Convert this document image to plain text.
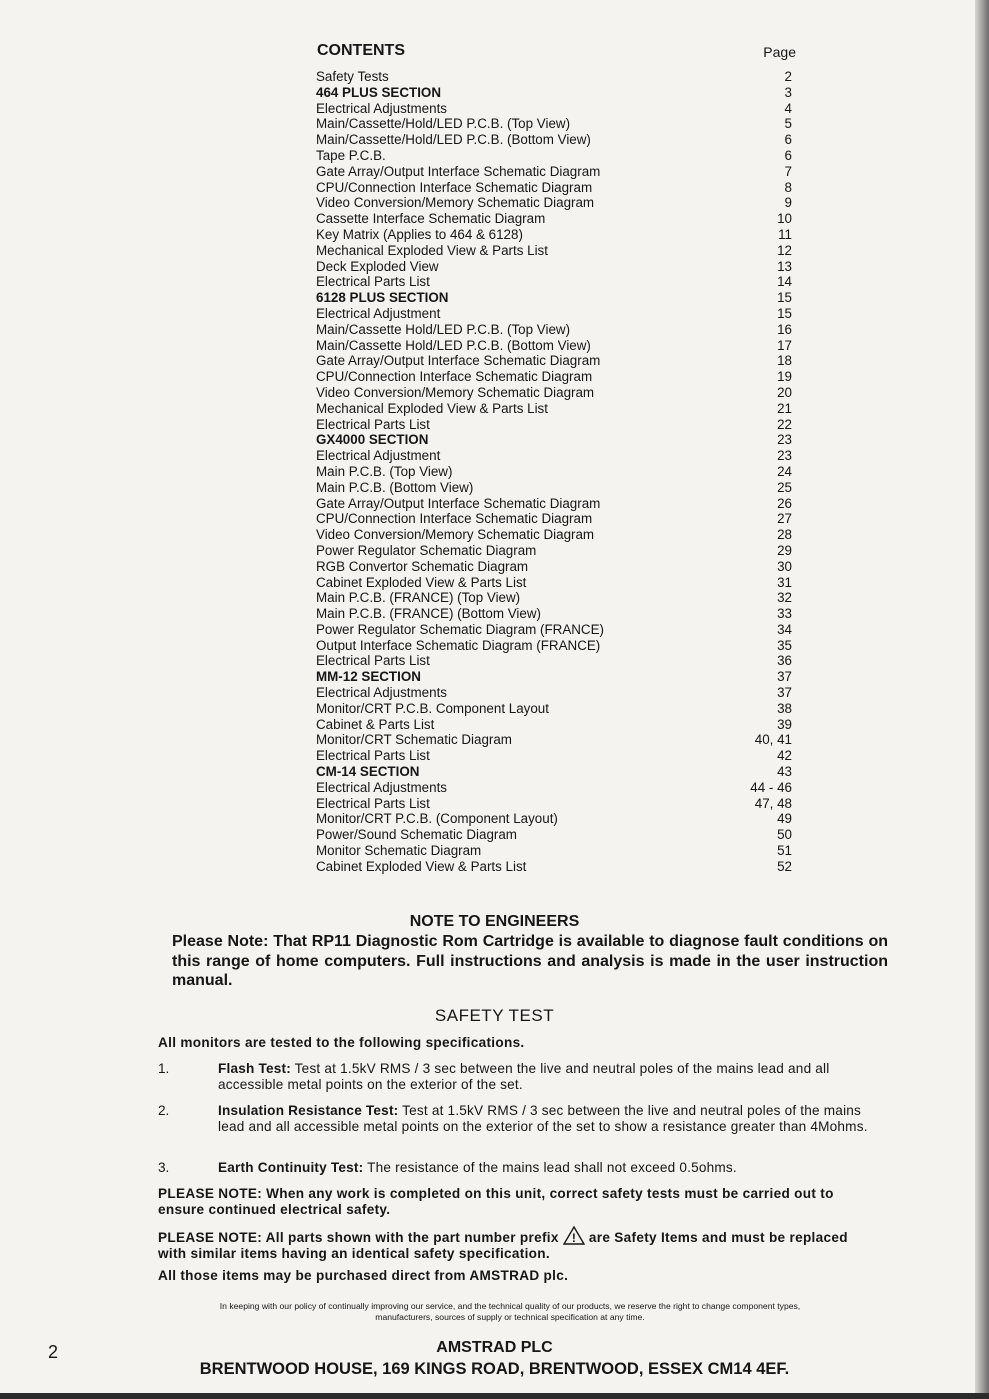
CONTENTS	Page
Safety Tests	2
464 PLUS SECTION	3
Electrical Adjustments	4
Main/Cassette/Hold/LED P.C.B. (Top View)	5
Main/Cassette/Hold/LED P.C.B. (Bottom View)	6
Tape P.C.B.	6
Gate Array/Output Interface Schematic Diagram	7
CPU/Connection Interface Schematic Diagram	8
Video Conversion/Memory Schematic Diagram	9
Cassette Interface Schematic Diagram	10
Key Matrix (Applies to 464 & 6128)	11
Mechanical Exploded View & Parts List	12
Deck Exploded View	13
Electrical Parts List	14
6128 PLUS SECTION	15
Electrical Adjustment	15
Main/Cassette Hold/LED P.C.B. (Top View)	16
Main/Cassette Hold/LED P.C.B. (Bottom View)	17
Gate Array/Output Interface Schematic Diagram	18
CPU/Connection Interface Schematic Diagram	19
Video Conversion/Memory Schematic Diagram	20
Mechanical Exploded View & Parts List	21
Electrical Parts List	22
GX4000 SECTION	23
Electrical Adjustment	23
Main P.C.B. (Top View)	24
Main P.C.B. (Bottom View)	25
Gate Array/Output Interface Schematic Diagram	26
CPU/Connection Interface Schematic Diagram	27
Video Conversion/Memory Schematic Diagram	28
Power Regulator Schematic Diagram	29
RGB Convertor Schematic Diagram	30
Cabinet Exploded View & Parts List	31
Main P.C.B. (FRANCE) (Top View)	32
Main P.C.B. (FRANCE) (Bottom View)	33
Power Regulator Schematic Diagram (FRANCE)	34
Output Interface Schematic Diagram (FRANCE)	35
Electrical Parts List	36
MM-12 SECTION	37
Electrical Adjustments	37
Monitor/CRT P.C.B. Component Layout	38
Cabinet & Parts List	39
Monitor/CRT Schematic Diagram	40, 41
Electrical Parts List	42
CM-14 SECTION	43
Electrical Adjustments	44 - 46
Electrical Parts List	47, 48
Monitor/CRT P.C.B. (Component Layout)	49
Power/Sound Schematic Diagram	50
Monitor Schematic Diagram	51
Cabinet Exploded View & Parts List	52
NOTE TO ENGINEERS
Please Note: That RP11 Diagnostic Rom Cartridge is available to diagnose fault conditions on this range of home computers. Full instructions and analysis is made in the user instruction manual.
SAFETY TEST
All monitors are tested to the following specifications.
1.	Flash Test: Test at 1.5kV RMS / 3 sec between the live and neutral poles of the mains lead and all accessible metal points on the exterior of the set.
2.	Insulation Resistance Test: Test at 1.5kV RMS / 3 sec between the live and neutral poles of the mains lead and all accessible metal points on the exterior of the set to show a resistance greater than 4Mohms.
3.	Earth Continuity Test: The resistance of the mains lead shall not exceed 0.5ohms.
PLEASE NOTE: When any work is completed on this unit, correct safety tests must be carried out to ensure continued electrical safety.
PLEASE NOTE: All parts shown with the part number prefix ! are Safety Items and must be replaced with similar items having an identical safety specification.
All those items may be purchased direct from AMSTRAD plc.
In keeping with our policy of continually improving our service, and the technical quality of our products, we reserve the right to change component types,
manufacturers, sources of supply or technical specification at any time.
2	AMSTRAD PLC
BRENTWOOD HOUSE, 169 KINGS ROAD, BRENTWOOD, ESSEX CM14 4EF.
